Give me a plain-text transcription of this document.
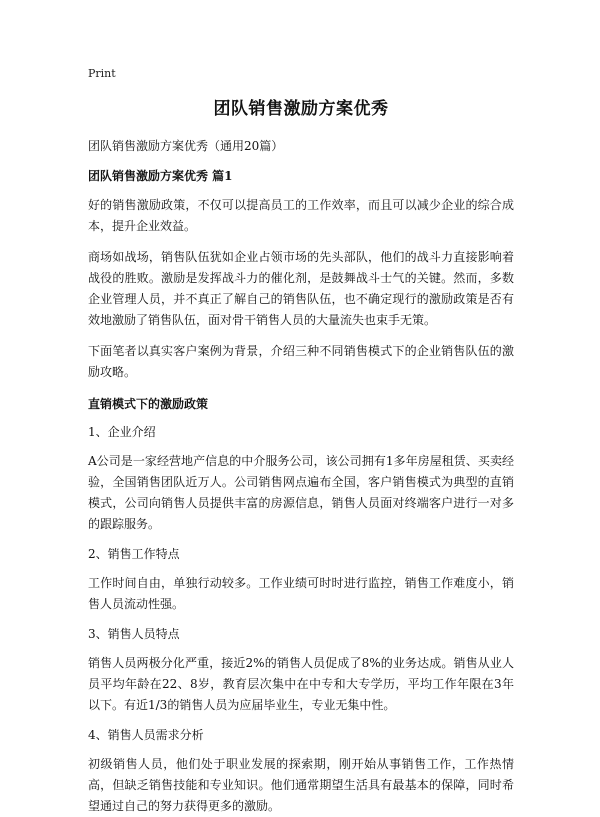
Print
团队销售激励方案优秀
团队销售激励方案优秀（通用20篇）
团队销售激励方案优秀 篇1

好的销售激励政策，不仅可以提高员工的工作效率，而且可以减少企业的综合成本，提升企业效益。

商场如战场，销售队伍犹如企业占领市场的先头部队，他们的战斗力直接影响着战役的胜败。激励是发挥战斗力的催化剂，是鼓舞战斗士气的关键。然而，多数企业管理人员，并不真正了解自己的销售队伍，也不确定现行的激励政策是否有效地激励了销售队伍，面对骨干销售人员的大量流失也束手无策。

下面笔者以真实客户案例为背景，介绍三种不同销售模式下的企业销售队伍的激励攻略。

直销模式下的激励政策
1、企业介绍

A公司是一家经营地产信息的中介服务公司，该公司拥有1多年房屋租赁、买卖经验，全国销售团队近万人。公司销售网点遍布全国，客户销售模式为典型的直销模式，公司向销售人员提供丰富的房源信息，销售人员面对终端客户进行一对多的跟踪服务。

2、销售工作特点

工作时间自由，单独行动较多。工作业绩可时时进行监控，销售工作难度小，销售人员流动性强。

3、销售人员特点

销售人员两极分化严重，接近2%的销售人员促成了8%的业务达成。销售从业人员平均年龄在22、8岁，教育层次集中在中专和大专学历，平均工作年限在3年以下。有近1/3的销售人员为应届毕业生，专业无集中性。

4、销售人员需求分析

初级销售人员，他们处于职业发展的探索期，刚开始从事销售工作，工作热情高，但缺乏销售技能和专业知识。他们通常期望生活具有最基本的保障，同时希望通过自己的努力获得更多的激励。
